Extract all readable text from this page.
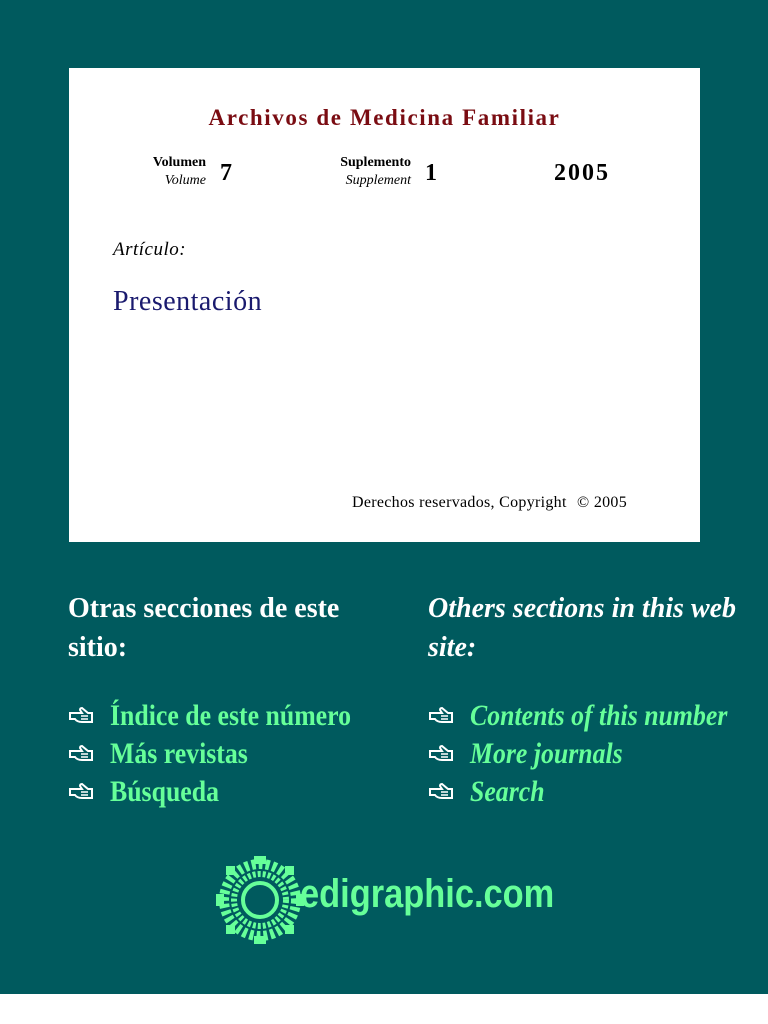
Archivos de Medicina Familiar
Volumen
Volume 7	Suplemento
Supplement 1	2005
Artículo:
Presentación
Derechos reservados, Copyright © 2005
Otras secciones de este sitio:
Others sections in this web site:
Índice de este número
Más revistas
Búsqueda
Contents of this number
More journals
Search
edigraphic.com
